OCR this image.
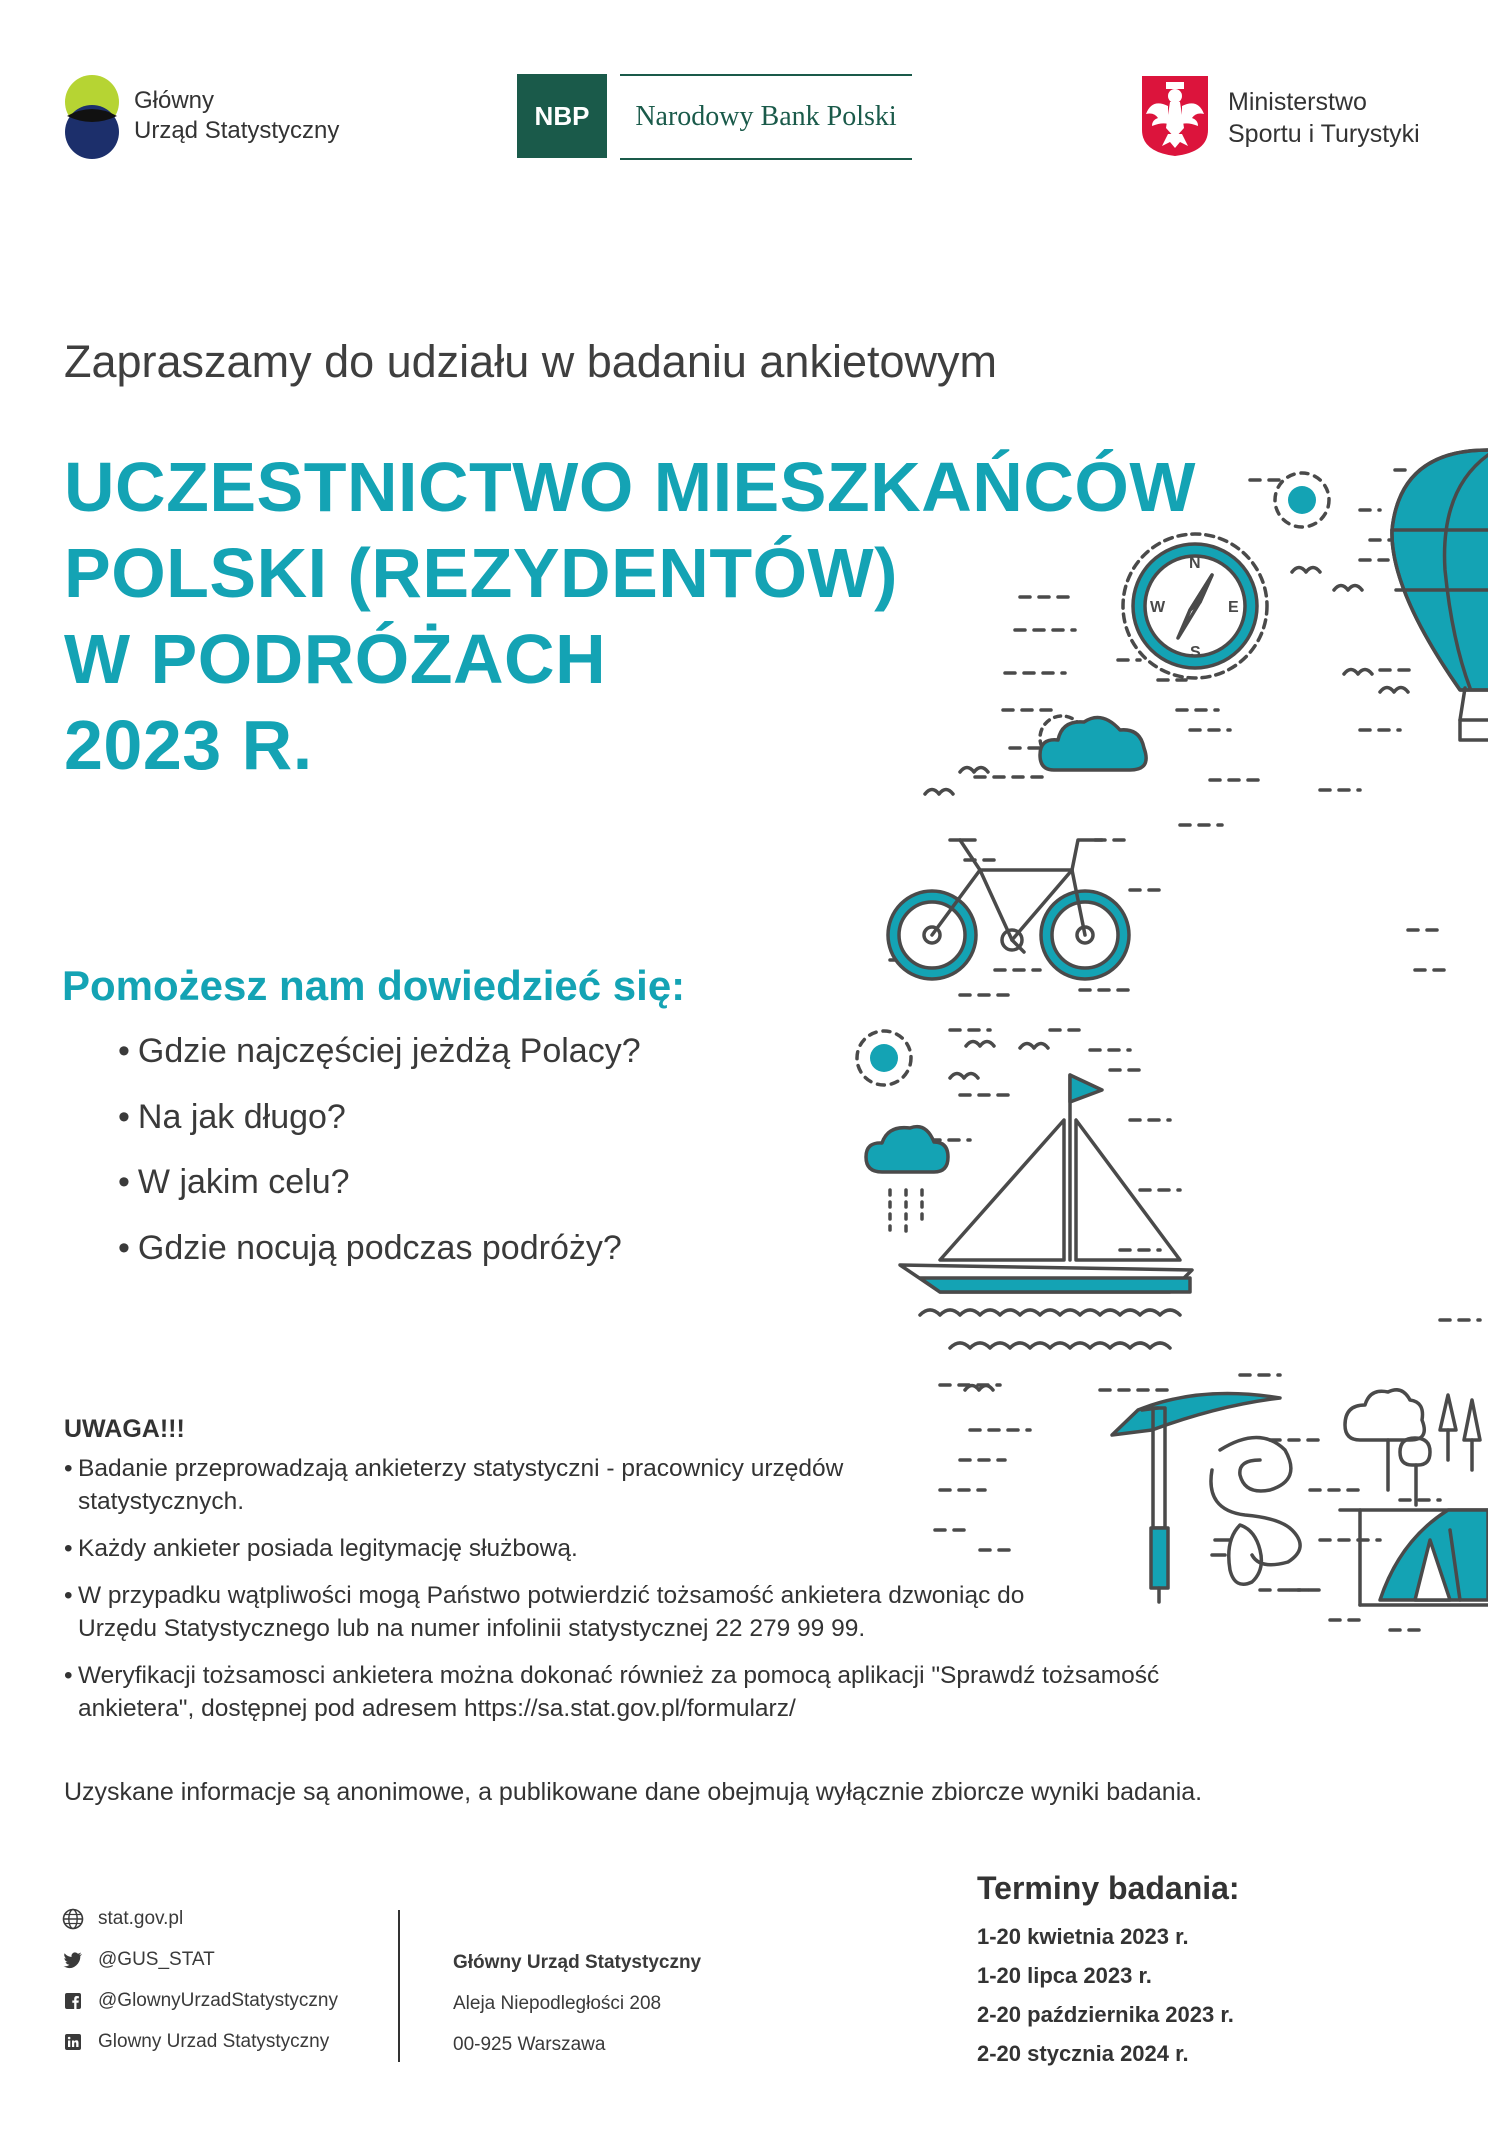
Główny
Urząd Statystyczny	NBP	Narodowy Bank Polski	Ministerstwo
Sportu i Turystyki
Zapraszamy do udziału w badaniu ankietowym
UCZESTNICTWO MIESZKAŃCÓW
POLSKI (REZYDENTÓW)
W PODRÓŻACH
2023 R.
Pomożesz nam dowiedzieć się:
• Gdzie najczęściej jeżdżą Polacy?
• Na jak długo?
• W jakim celu?
• Gdzie nocują podczas podróży?
UWAGA!!!
• Badanie przeprowadzają ankieterzy statystyczni - pracownicy urzędów statystycznych.
• Każdy ankieter posiada legitymację służbową.
• W przypadku wątpliwości mogą Państwo potwierdzić tożsamość ankietera dzwoniąc do Urzędu Statystycznego lub na numer infolinii statystycznej 22 279 99 99.
• Weryfikacji tożsamosci ankietera można dokonać również za pomocą aplikacji "Sprawdź tożsamość ankietera", dostępnej pod adresem https://sa.stat.gov.pl/formularz/
Uzyskane informacje są anonimowe, a publikowane dane obejmują wyłącznie zbiorcze wyniki badania.
stat.gov.pl
@GUS_STAT
@GlownyUrzadStatystyczny
Glowny Urzad Statystyczny
Główny Urząd Statystyczny
Aleja Niepodległości 208
00-925 Warszawa
Terminy badania:
1-20 kwietnia 2023 r.
1-20 lipca 2023 r.
2-20 października 2023 r.
2-20 stycznia 2024 r.
N
S
W	E
